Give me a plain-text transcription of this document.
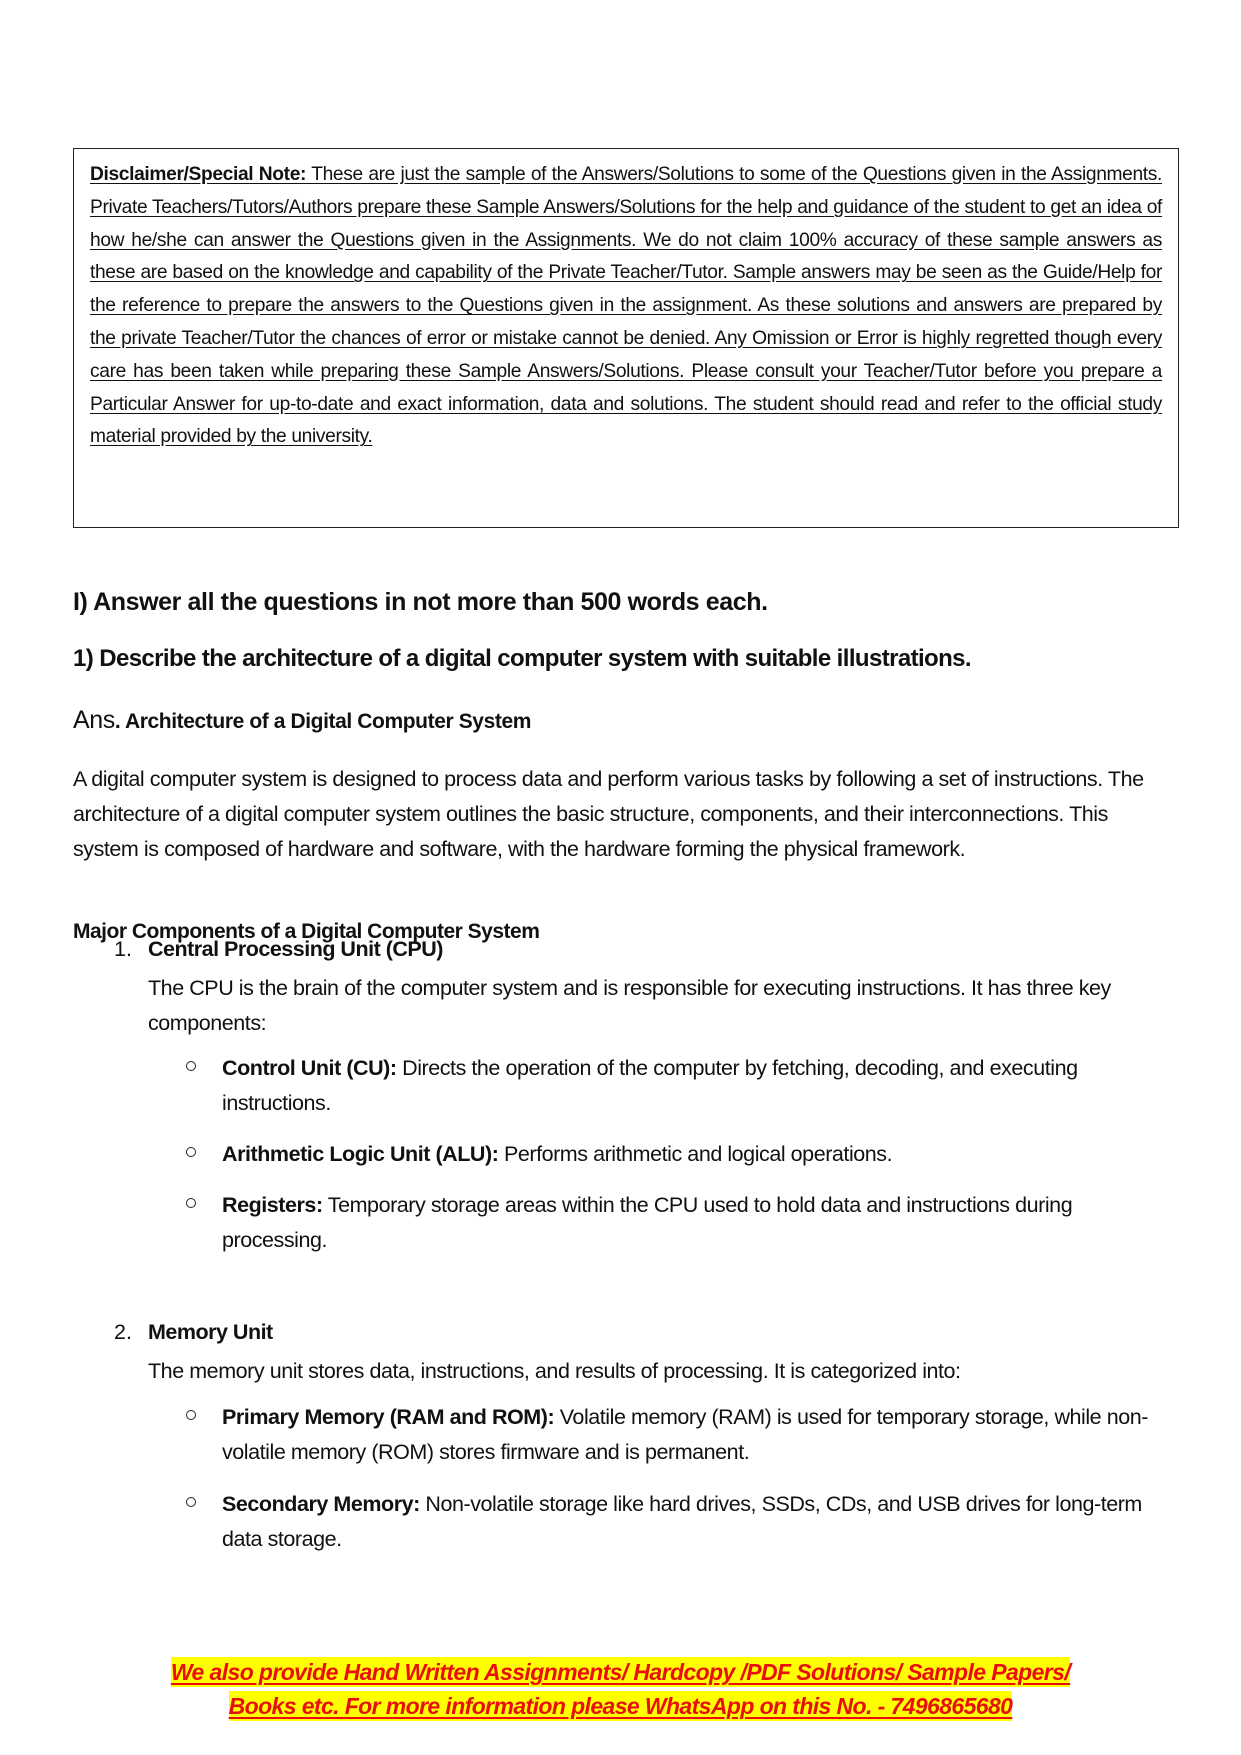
Disclaimer/Special Note: These are just the sample of the Answers/Solutions to some of the Questions given in the Assignments. Private Teachers/Tutors/Authors prepare these Sample Answers/Solutions for the help and guidance of the student to get an idea of how he/she can answer the Questions given in the Assignments. We do not claim 100% accuracy of these sample answers as these are based on the knowledge and capability of the Private Teacher/Tutor. Sample answers may be seen as the Guide/Help for the reference to prepare the answers to the Questions given in the assignment. As these solutions and answers are prepared by the private Teacher/Tutor the chances of error or mistake cannot be denied. Any Omission or Error is highly regretted though every care has been taken while preparing these Sample Answers/Solutions. Please consult your Teacher/Tutor before you prepare a Particular Answer for up-to-date and exact information, data and solutions. The student should read and refer to the official study material provided by the university.

I) Answer all the questions in not more than 500 words each.
1) Describe the architecture of a digital computer system with suitable illustrations.
Ans. Architecture of a Digital Computer System

A digital computer system is designed to process data and perform various tasks by following a set of instructions. The architecture of a digital computer system outlines the basic structure, components, and their interconnections. This system is composed of hardware and software, with the hardware forming the physical framework.

Major Components of a Digital Computer System
1. Central Processing Unit (CPU)

The CPU is the brain of the computer system and is responsible for executing instructions. It has three key components:

Control Unit (CU): Directs the operation of the computer by fetching, decoding, and executing instructions.

Arithmetic Logic Unit (ALU): Performs arithmetic and logical operations.

Registers: Temporary storage areas within the CPU used to hold data and instructions during processing.

2. Memory Unit

The memory unit stores data, instructions, and results of processing. It is categorized into:

Primary Memory (RAM and ROM): Volatile memory (RAM) is used for temporary storage, while non-volatile memory (ROM) stores firmware and is permanent.

Secondary Memory: Non-volatile storage like hard drives, SSDs, CDs, and USB drives for long-term data storage.

We also provide Hand Written Assignments/ Hardcopy /PDF Solutions/ Sample Papers/
Books etc. For more information please WhatsApp on this No. - 7496865680
